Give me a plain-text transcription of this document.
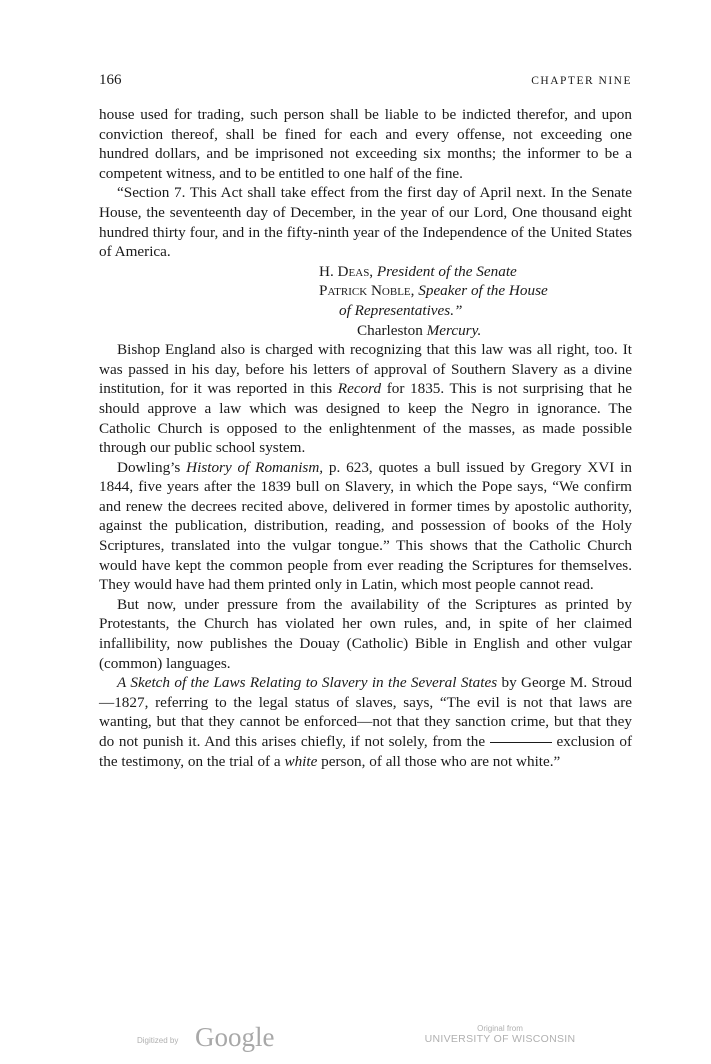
166	CHAPTER NINE

house used for trading, such person shall be liable to be indicted therefor, and upon conviction thereof, shall be fined for each and every offense, not exceeding one hundred dollars, and be imprisoned not exceeding six months; the informer to be a competent witness, and to be entitled to one half of the fine.

“Section 7. This Act shall take effect from the first day of April next. In the Senate House, the seventeenth day of December, in the year of our Lord, One thousand eight hundred thirty four, and in the fifty-ninth year of the Independence of the United States of America.

H. Deas, President of the Senate
Patrick Noble, Speaker of the House
of Representatives.”
Charleston Mercury.

Bishop England also is charged with recognizing that this law was all right, too. It was passed in his day, before his letters of approval of Southern Slavery as a divine institution, for it was reported in this Record for 1835. This is not surprising that he should approve a law which was designed to keep the Negro in ignorance. The Catholic Church is opposed to the enlightenment of the masses, as made possible through our public school system.

Dowling’s History of Romanism, p. 623, quotes a bull issued by Gregory XVI in 1844, five years after the 1839 bull on Slavery, in which the Pope says, “We confirm and renew the decrees recited above, delivered in former times by apostolic authority, against the publication, distribution, reading, and possession of books of the Holy Scriptures, translated into the vulgar tongue.” This shows that the Catholic Church would have kept the common people from ever reading the Scriptures for themselves. They would have had them printed only in Latin, which most people cannot read.

But now, under pressure from the availability of the Scriptures as printed by Protestants, the Church has violated her own rules, and, in spite of her claimed infallibility, now publishes the Douay (Catholic) Bible in English and other vulgar (common) languages.

A Sketch of the Laws Relating to Slavery in the Several States by George M. Stroud—1827, referring to the legal status of slaves, says, “The evil is not that laws are wanting, but that they cannot be enforced—not that they sanction crime, but that they do not punish it. And this arises chiefly, if not solely, from the	exclusion of the testimony, on the trial of a white person, of all those who are not white.”

Digitized by Google	Original from
UNIVERSITY OF WISCONSIN
